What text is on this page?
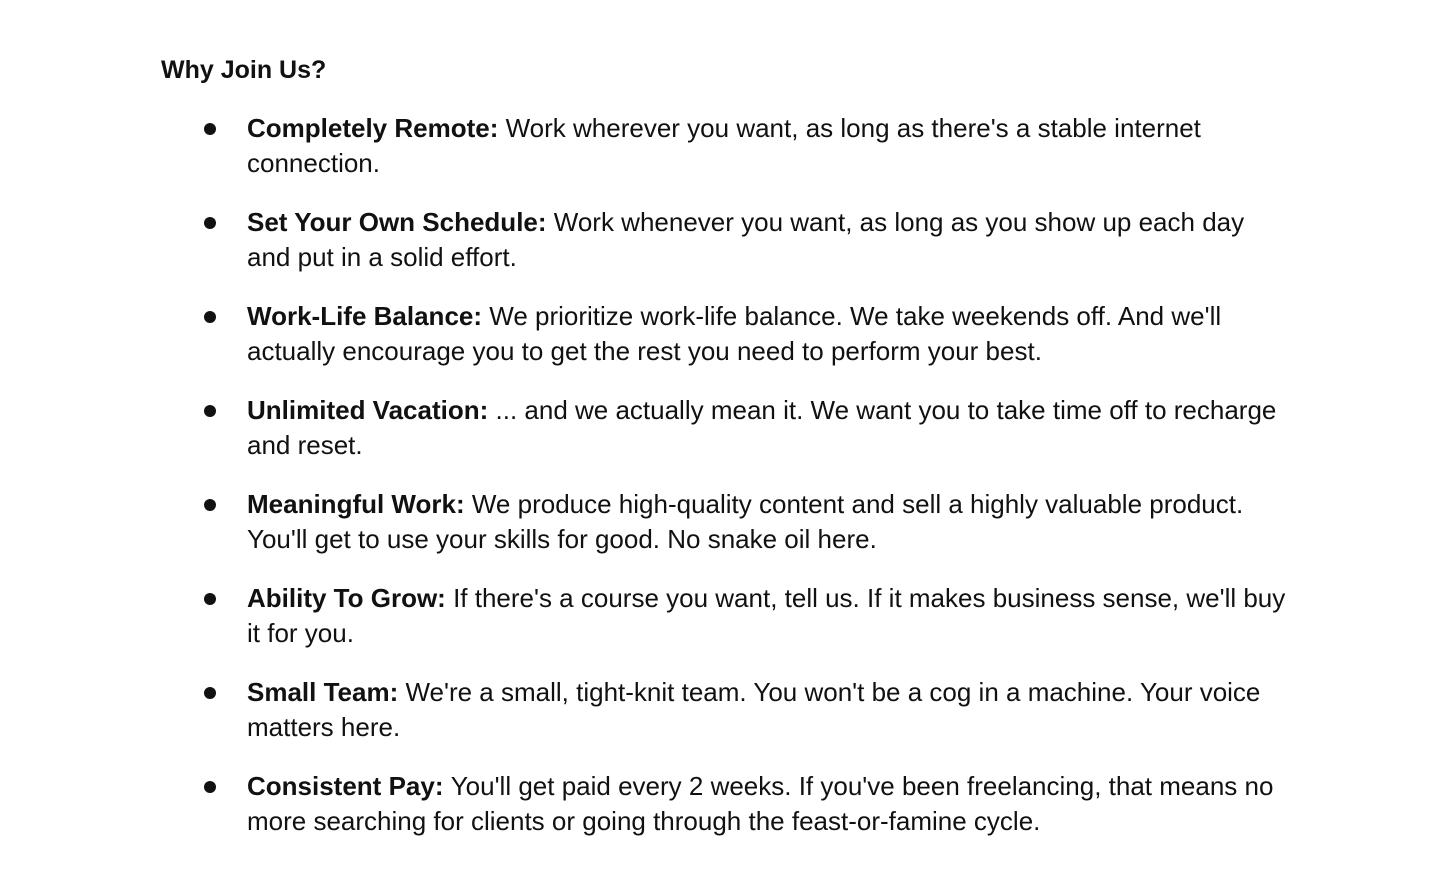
Why Join Us?
Completely Remote: Work wherever you want, as long as there's a stable internet connection.
Set Your Own Schedule: Work whenever you want, as long as you show up each day and put in a solid effort.
Work-Life Balance: We prioritize work-life balance. We take weekends off. And we'll actually encourage you to get the rest you need to perform your best.
Unlimited Vacation: ... and we actually mean it. We want you to take time off to recharge and reset.
Meaningful Work: We produce high-quality content and sell a highly valuable product. You'll get to use your skills for good. No snake oil here.
Ability To Grow: If there's a course you want, tell us. If it makes business sense, we'll buy it for you.
Small Team: We're a small, tight-knit team. You won't be a cog in a machine. Your voice matters here.
Consistent Pay: You'll get paid every 2 weeks. If you've been freelancing, that means no more searching for clients or going through the feast-or-famine cycle.
